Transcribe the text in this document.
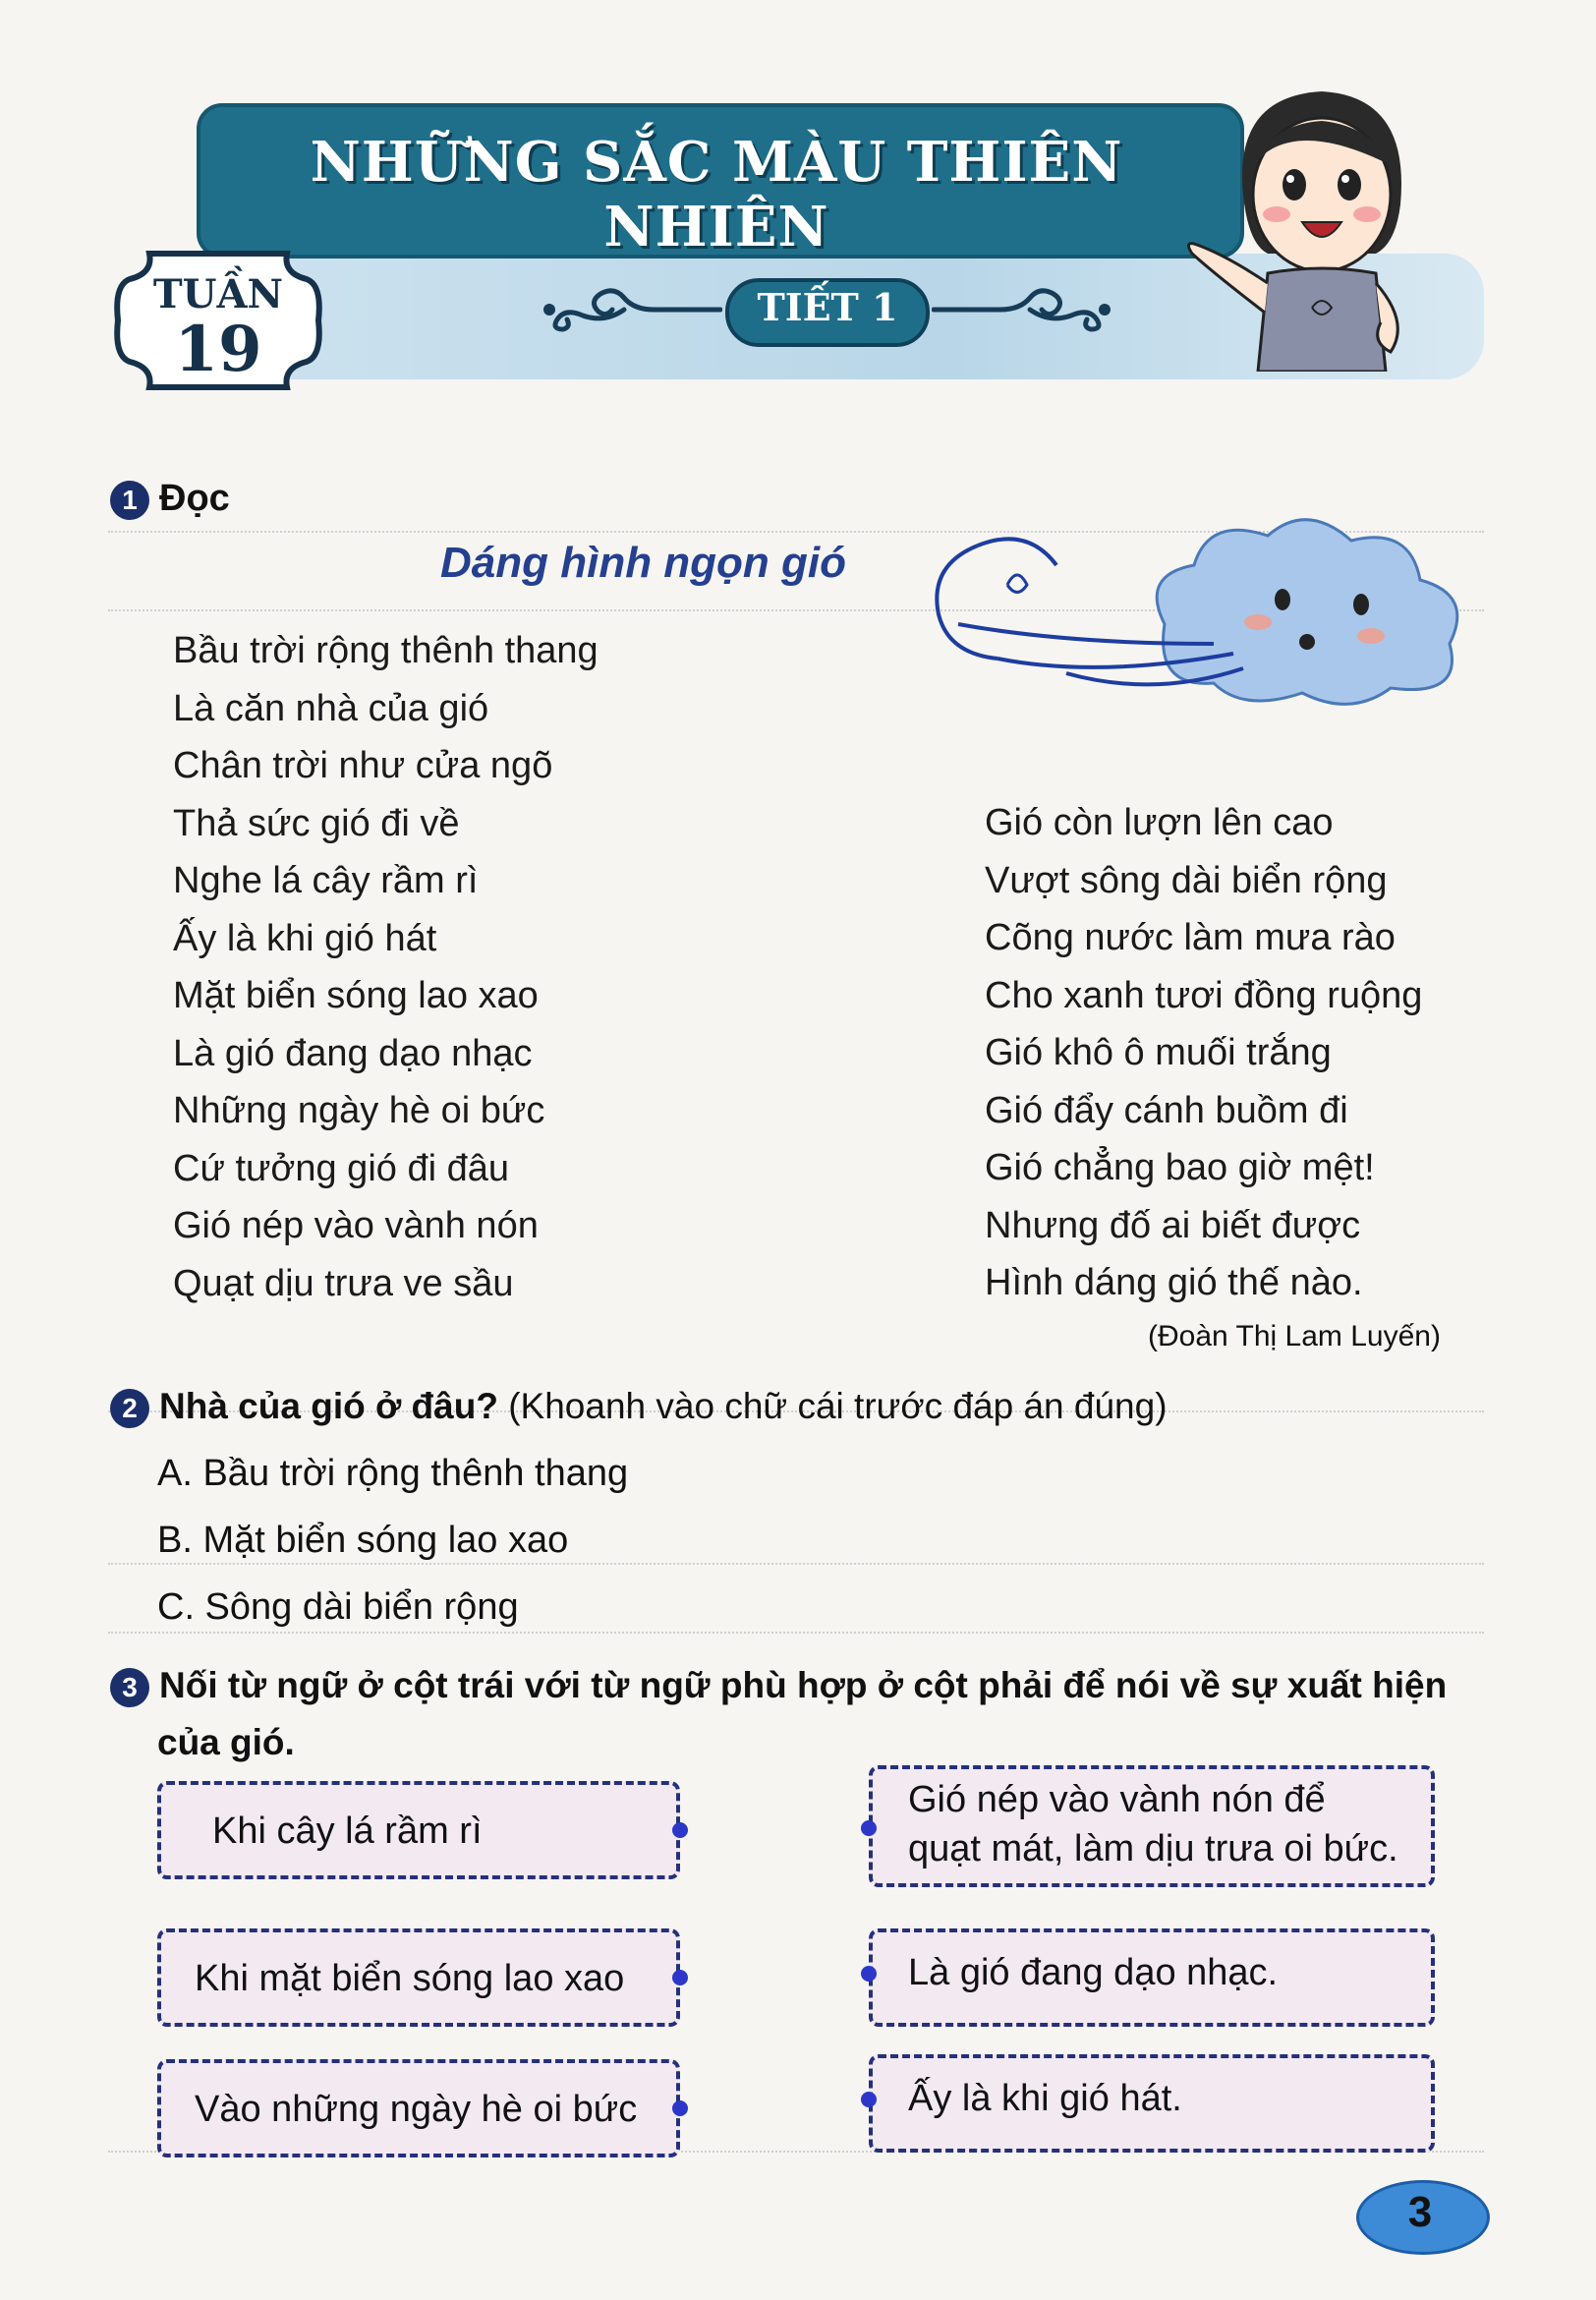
NHỮNG SẮC MÀU THIÊN NHIÊN
TUẦN
19
TIẾT 1
1 Đọc
Dáng hình ngọn gió
Bầu trời rộng thênh thang
Là căn nhà của gió
Chân trời như cửa ngõ
Thả sức gió đi về
Nghe lá cây rầm rì
Ấy là khi gió hát
Mặt biển sóng lao xao
Là gió đang dạo nhạc
Những ngày hè oi bức
Cứ tưởng gió đi đâu
Gió nép vào vành nón
Quạt dịu trưa ve sầu
Gió còn lượn lên cao
Vượt sông dài biển rộng
Cõng nước làm mưa rào
Cho xanh tươi đồng ruộng
Gió khô ô muối trắng
Gió đẩy cánh buồm đi
Gió chẳng bao giờ mệt!
Nhưng đố ai biết được
Hình dáng gió thế nào.
(Đoàn Thị Lam Luyến)
2 Nhà của gió ở đâu? (Khoanh vào chữ cái trước đáp án đúng)
A. Bầu trời rộng thênh thang
B. Mặt biển sóng lao xao
C. Sông dài biển rộng
3 Nối từ ngữ ở cột trái với từ ngữ phù hợp ở cột phải để nói về sự xuất hiện
của gió.
Khi cây lá rầm rì
Khi mặt biển sóng lao xao
Vào những ngày hè oi bức
Gió nép vào vành nón để
quạt mát, làm dịu trưa oi bức.
Là gió đang dạo nhạc.
Ấy là khi gió hát.
3
